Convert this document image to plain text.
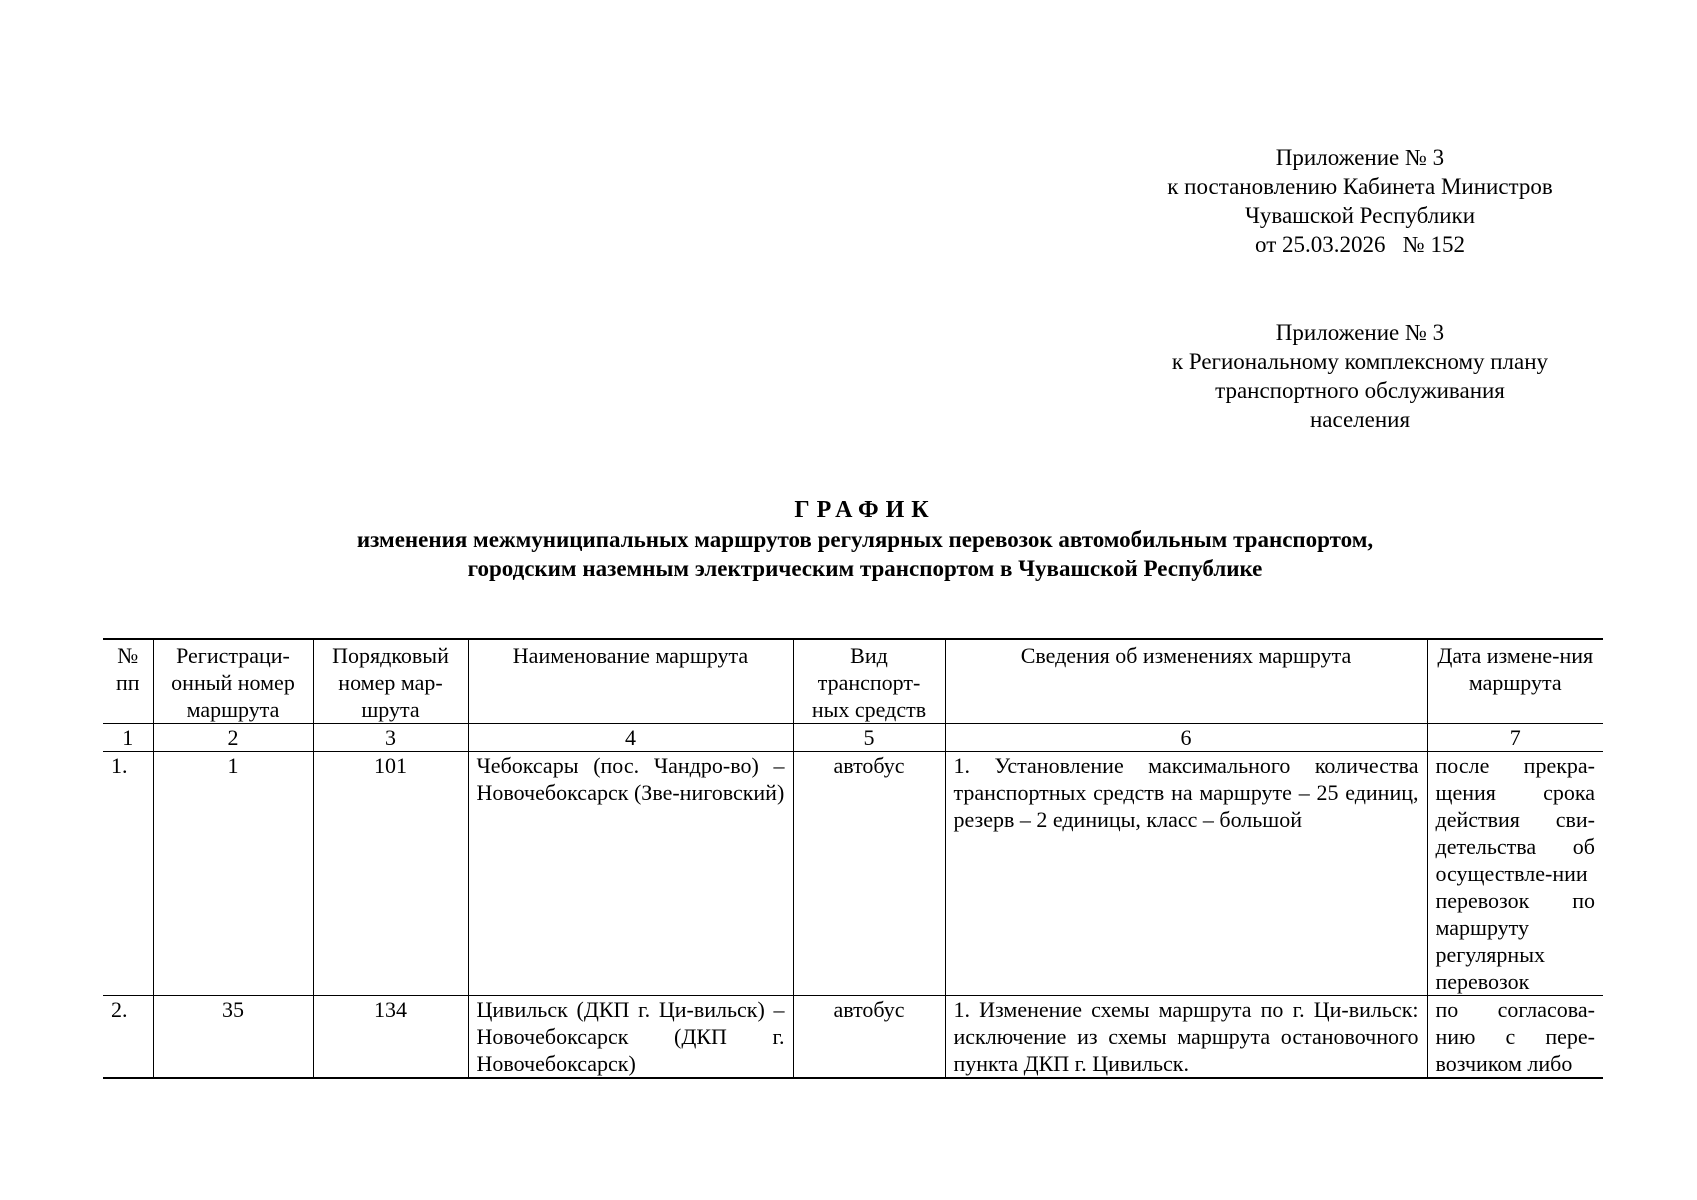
Приложение № 3
к постановлению Кабинета Министров
Чувашской Республики
от 25.03.2026   № 152
Приложение № 3
к Региональному комплексному плану
транспортного обслуживания
населения
ГРАФИК
изменения межмуниципальных маршрутов регулярных перевозок автомобильным транспортом,
городским наземным электрическим транспортом в Чувашской Республике
№ пп	Регистраци-онный номер маршрута	Порядковый номер мар-шрута	Наименование маршрута	Вид транспорт-ных средств	Сведения об изменениях маршрута	Дата измене-ния маршрута
1	2	3	4	5	6	7
1.	1	101	Чебоксары (пос. Чандро-во) – Новочебоксарск (Зве-ниговский)	автобус	1. Установление максимального количества транспортных средств на маршруте – 25 единиц, резерв – 2 единицы, класс – большой	после прекра-щения срока действия сви-детельства об осуществле-нии перевозок по маршруту регулярных перевозок
2.	35	134	Цивильск (ДКП г. Ци-вильск) – Новочебоксарск (ДКП г. Новочебоксарск)	автобус	1. Изменение схемы маршрута по г. Ци-вильск: исключение из схемы маршрута остановочного пункта ДКП г. Цивильск.	по согласова-нию с пере-возчиком либо
